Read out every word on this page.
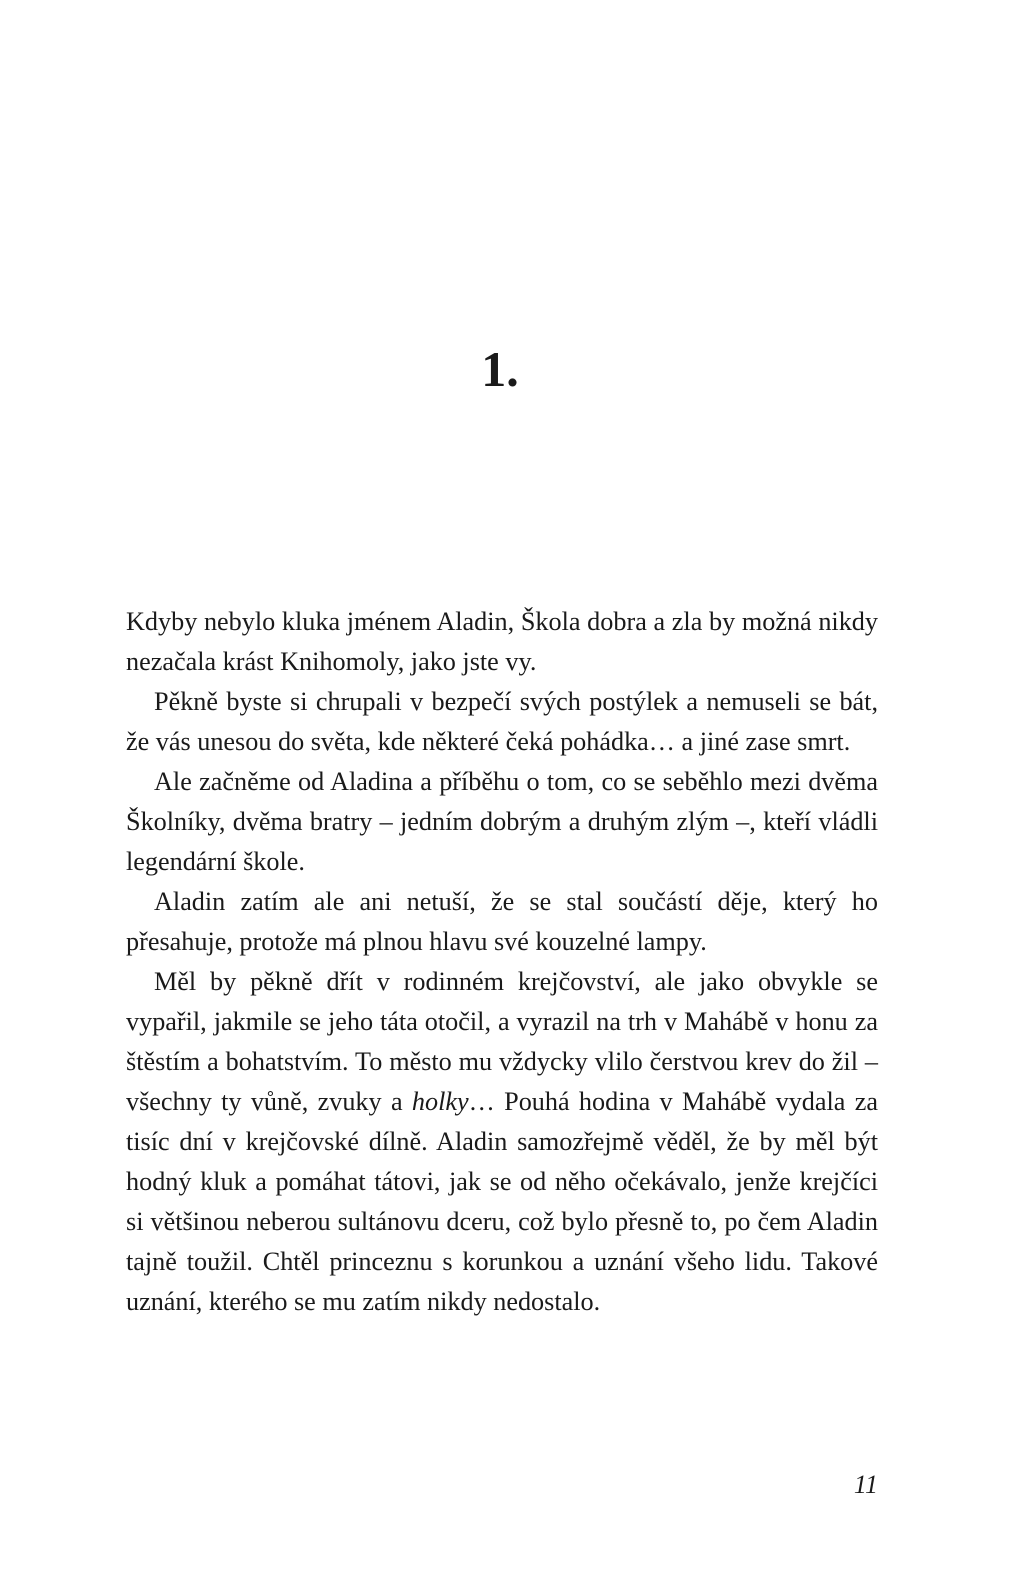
1.

Kdyby nebylo kluka jménem Aladin, Škola dobra a zla by možná nikdy nezačala krást Knihomoly, jako jste vy.

Pěkně byste si chrupali v bezpečí svých postýlek a nemuseli se bát, že vás unesou do světa, kde některé čeká pohádka… a jiné zase smrt.

Ale začněme od Aladina a příběhu o tom, co se seběhlo mezi dvěma Školníky, dvěma bratry – jedním dobrým a druhým zlým –, kteří vládli legendární škole.

Aladin zatím ale ani netuší, že se stal součástí děje, který ho přesahuje, protože má plnou hlavu své kouzelné lampy.

Měl by pěkně dřít v rodinném krejčovství, ale jako obvykle se vypařil, jakmile se jeho táta otočil, a vyrazil na trh v Mahábě v honu za štěstím a bohatstvím. To město mu vždycky vlilo čerstvou krev do žil – všechny ty vůně, zvuky a holky… Pouhá hodina v Mahábě vydala za tisíc dní v krejčovské dílně. Aladin samozřejmě věděl, že by měl být hodný kluk a pomáhat tátovi, jak se od něho očekávalo, jenže krejčíci si většinou neberou sultánovu dceru, což bylo přesně to, po čem Aladin tajně toužil. Chtěl princeznu s korunkou a uznání všeho lidu. Takové uznání, kterého se mu zatím nikdy nedostalo.

11
